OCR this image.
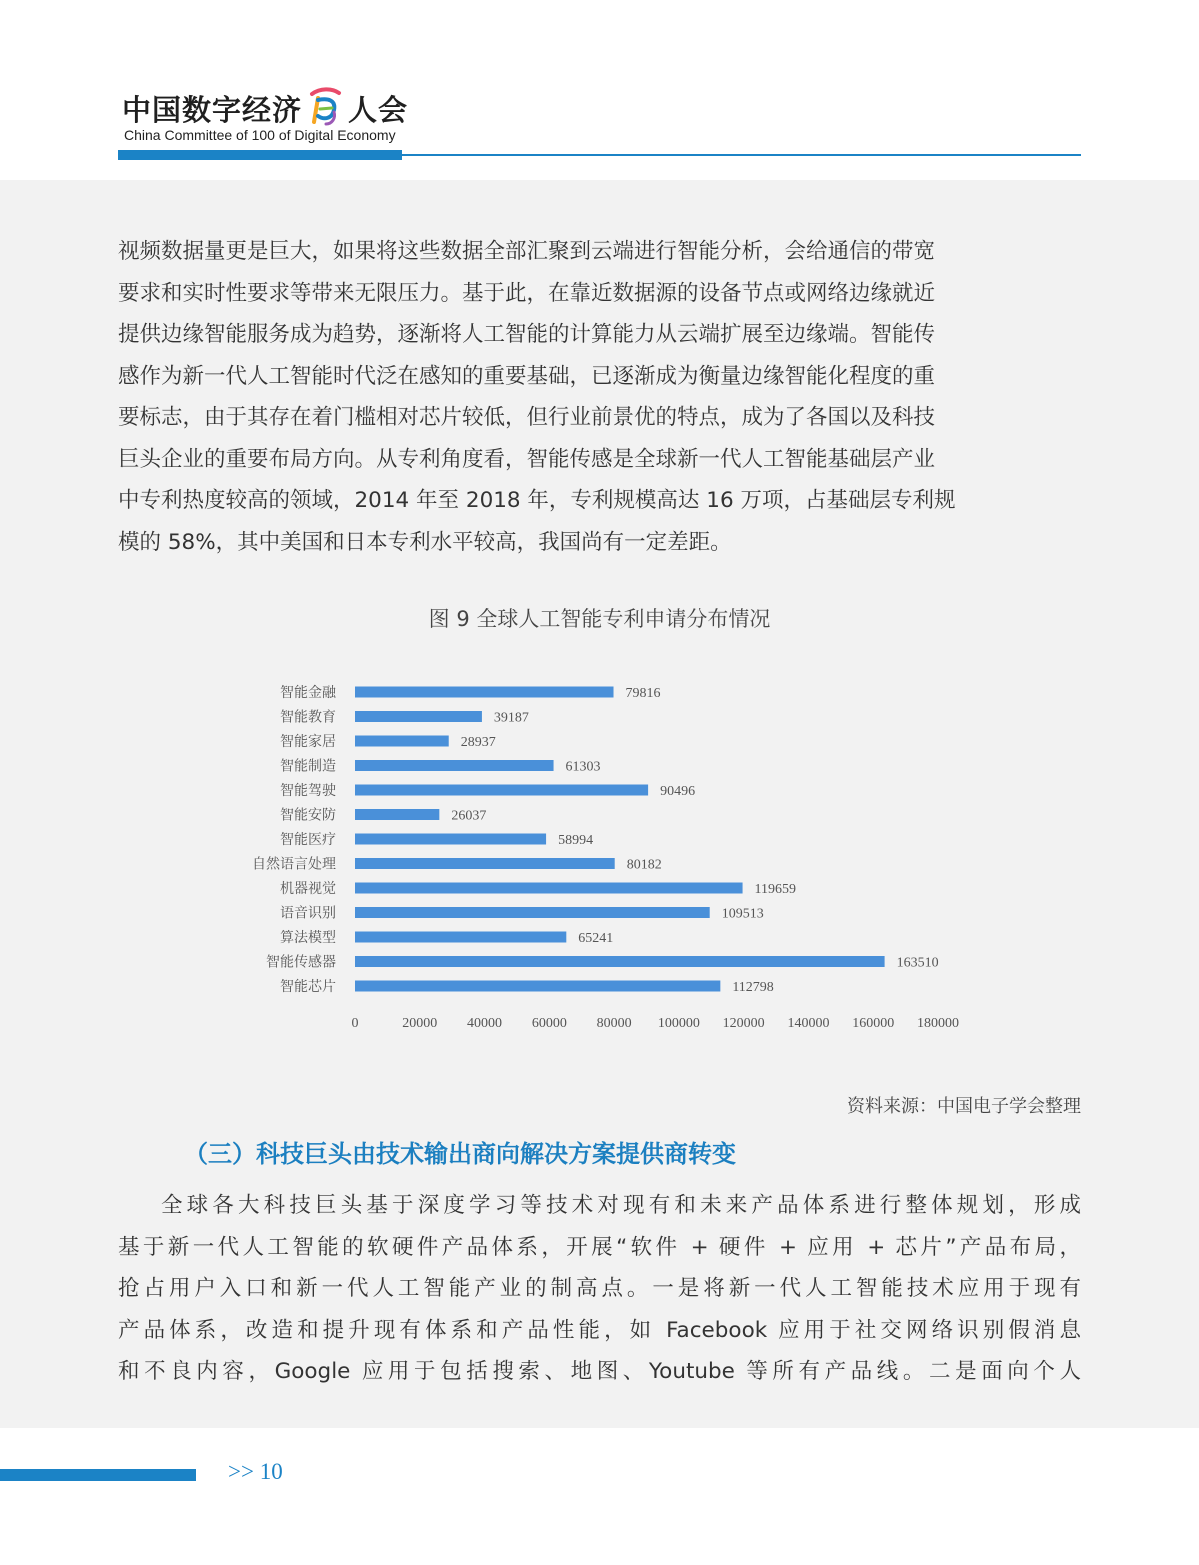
中国数字经济 人会
China Committee of 100 of Digital Economy
视频数据量更是巨大，如果将这些数据全部汇聚到云端进行智能分析，会给通信的带宽
要求和实时性要求等带来无限压力。基于此，在靠近数据源的设备节点或网络边缘就近
提供边缘智能服务成为趋势，逐渐将人工智能的计算能力从云端扩展至边缘端。智能传
感作为新一代人工智能时代泛在感知的重要基础，已逐渐成为衡量边缘智能化程度的重
要标志，由于其存在着门槛相对芯片较低，但行业前景优的特点，成为了各国以及科技
巨头企业的重要布局方向。从专利角度看，智能传感是全球新一代人工智能基础层产业
中专利热度较高的领域，2014 年至 2018 年，专利规模高达 16 万项，占基础层专利规
模的 58%，其中美国和日本专利水平较高，我国尚有一定差距。
图 9 全球人工智能专利申请分布情况
智能金融	79816
智能教育	39187
智能家居	28937
智能制造	61303
智能驾驶	90496
智能安防	26037
智能医疗	58994
自然语言处理	80182
机器视觉	119659
语音识别	109513
算法模型	65241
智能传感器	163510
智能芯片	112798
0	20000 40000 60000 80000 100000 120000 140000 160000 180000
资料来源：中国电子学会整理
（三）科技巨头由技术输出商向解决方案提供商转变
全球各大科技巨头基于深度学习等技术对现有和未来产品体系进行整体规划，形成
基于新一代人工智能的软硬件产品体系，开展“软件 + 硬件 + 应用 + 芯片”产品布局，
抢占用户入口和新一代人工智能产业的制高点。一是将新一代人工智能技术应用于现有
产品体系，改造和提升现有体系和产品性能，如 Facebook 应用于社交网络识别假消息
和不良内容，Google 应用于包括搜索、地图、Youtube 等所有产品线。二是面向个人
>> 10
